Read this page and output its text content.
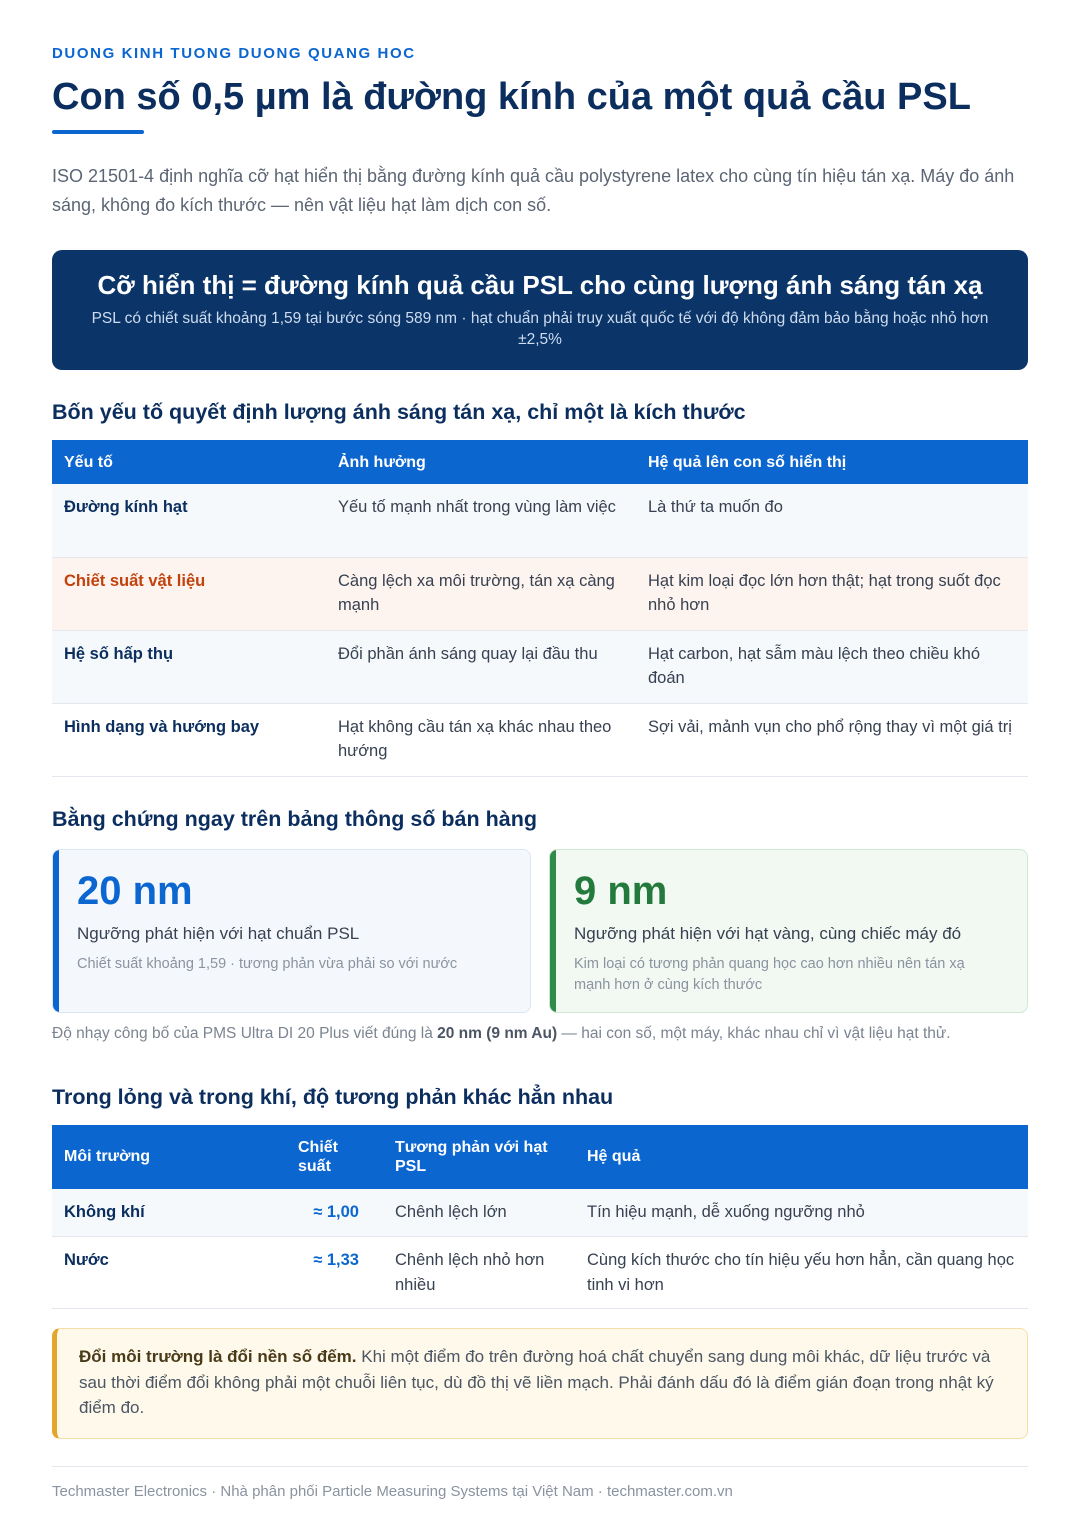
DUONG KINH TUONG DUONG QUANG HOC
Con số 0,5 µm là đường kính của một quả cầu PSL

ISO 21501-4 định nghĩa cỡ hạt hiển thị bằng đường kính quả cầu polystyrene latex cho cùng tín hiệu tán xạ. Máy đo ánh sáng, không đo kích thước — nên vật liệu hạt làm dịch con số.

Cỡ hiển thị = đường kính quả cầu PSL cho cùng lượng ánh sáng tán xạ
PSL có chiết suất khoảng 1,59 tại bước sóng 589 nm · hạt chuẩn phải truy xuất quốc tế với độ không đảm bảo bằng hoặc nhỏ hơn ±2,5%
Bốn yếu tố quyết định lượng ánh sáng tán xạ, chỉ một là kích thước
Yếu tố	Ảnh hưởng	Hệ quả lên con số hiển thị
Đường kính hạt	Yếu tố mạnh nhất trong vùng làm việc	Là thứ ta muốn đo
Chiết suất vật liệu	Càng lệch xa môi trường, tán xạ càng mạnh	Hạt kim loại đọc lớn hơn thật; hạt trong suốt đọc nhỏ hơn
Hệ số hấp thụ	Đổi phần ánh sáng quay lại đầu thu	Hạt carbon, hạt sẫm màu lệch theo chiều khó đoán
Hình dạng và hướng bay	Hạt không cầu tán xạ khác nhau theo hướng	Sợi vải, mảnh vụn cho phổ rộng thay vì một giá trị
Bằng chứng ngay trên bảng thông số bán hàng
20 nm
Ngưỡng phát hiện với hạt chuẩn PSL
Chiết suất khoảng 1,59 · tương phản vừa phải so với nước
9 nm
Ngưỡng phát hiện với hạt vàng, cùng chiếc máy đó
Kim loại có tương phản quang học cao hơn nhiều nên tán xạ mạnh hơn ở cùng kích thước

Độ nhạy công bố của PMS Ultra DI 20 Plus viết đúng là 20 nm (9 nm Au) — hai con số, một máy, khác nhau chỉ vì vật liệu hạt thử.

Trong lỏng và trong khí, độ tương phản khác hẳn nhau
Môi trường	Chiết suất	Tương phản với hạt PSL	Hệ quả
Không khí	≈ 1,00	Chênh lệch lớn	Tín hiệu mạnh, dễ xuống ngưỡng nhỏ
Nước	≈ 1,33	Chênh lệch nhỏ hơn nhiều	Cùng kích thước cho tín hiệu yếu hơn hẳn, cần quang học tinh vi hơn
Đổi môi trường là đổi nền số đếm. Khi một điểm đo trên đường hoá chất chuyển sang dung môi khác, dữ liệu trước và sau thời điểm đổi không phải một chuỗi liên tục, dù đồ thị vẽ liền mạch. Phải đánh dấu đó là điểm gián đoạn trong nhật ký điểm đo.
Techmaster Electronics · Nhà phân phối Particle Measuring Systems tại Việt Nam · techmaster.com.vn
